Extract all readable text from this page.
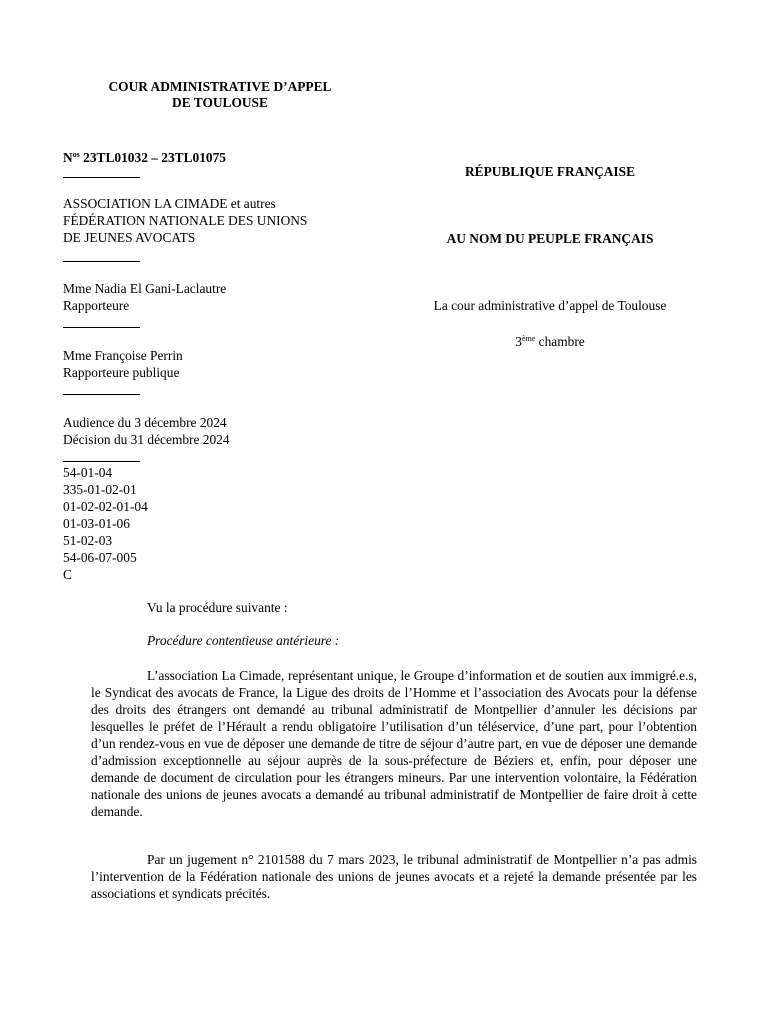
COUR ADMINISTRATIVE D’APPEL
DE TOULOUSE
$N^{os}$ 23TL01032 – 23TL01075
RÉPUBLIQUE FRANÇAISE
ASSOCIATION LA CIMADE et autres
FÉDÉRATION NATIONALE DES UNIONS
DE JEUNES AVOCATS	AU NOM DU PEUPLE FRANÇAIS
Mme Nadia El Gani-Laclautre
Rapporteure	La cour administrative d’appel de Toulouse
3ème chambre
Mme Françoise Perrin
Rapporteure publique
Audience du 3 décembre 2024
Décision du 31 décembre 2024
54-01-04
335-01-02-01
01-02-02-01-04
01-03-01-06
51-02-03
54-06-07-005
C
Vu la procédure suivante :
Procédure contentieuse antérieure :
L’association La Cimade, représentant unique, le Groupe d’information et de soutien aux immigré.e.s, le Syndicat des avocats de France, la Ligue des droits de l’Homme et l’association des Avocats pour la défense des droits des étrangers ont demandé au tribunal administratif de Montpellier d’annuler les décisions par lesquelles le préfet de l’Hérault a rendu obligatoire l’utilisation d’un téléservice, d’une part, pour l’obtention d’un rendez-vous en vue de déposer une demande de titre de séjour d’autre part, en vue de déposer une demande d’admission exceptionnelle au séjour auprès de la sous-préfecture de Béziers et, enfin, pour déposer une demande de document de circulation pour les étrangers mineurs. Par une intervention volontaire, la Fédération nationale des unions de jeunes avocats a demandé au tribunal administratif de Montpellier de faire droit à cette demande.
Par un jugement n° 2101588 du 7 mars 2023, le tribunal administratif de Montpellier n’a pas admis l’intervention de la Fédération nationale des unions de jeunes avocats et a rejeté la demande présentée par les associations et syndicats précités.
